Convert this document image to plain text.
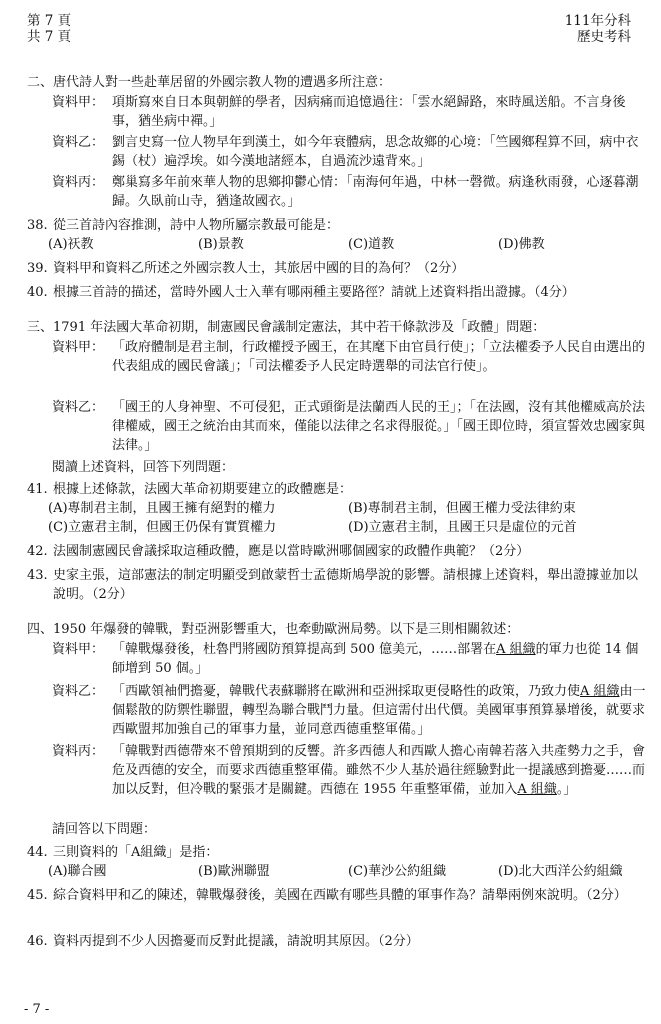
第 7 頁
共 7 頁
111年分科
歷史考科
二、唐代詩人對一些赴華居留的外國宗教人物的遭遇多所注意：
資料甲： 項斯寫來自日本與朝鮮的學者，因病痛而追憶過往：「雲水絕歸路，來時風送船。不言身後事，猶坐病中禪。」
資料乙： 劉言史寫一位人物早年到漢土，如今年衰體病，思念故鄉的心境：「竺國鄉程算不回，病中衣錫（杖）遍浮埃。如今漢地諸經本，自過流沙遠背來。」
資料丙： 鄭巢寫多年前來華人物的思鄉抑鬱心情：「南海何年過，中林一磬微。病逢秋雨發，心逐暮潮歸。久臥前山寺，猶逢故國衣。」
38. 從三首詩內容推測，詩中人物所屬宗教最可能是：
(A)祆教	(B)景教	(C)道教	(D)佛教
39. 資料甲和資料乙所述之外國宗教人士，其旅居中國的目的為何？（2分）
40. 根據三首詩的描述，當時外國人士入華有哪兩種主要路徑？請就上述資料指出證據。（4分）
三、1791 年法國大革命初期，制憲國民會議制定憲法，其中若干條款涉及「政體」問題：
資料甲： 「政府體制是君主制，行政權授予國王，在其麾下由官員行使」；「立法權委予人民自由選出的代表組成的國民會議」；「司法權委予人民定時選舉的司法官行使」。
資料乙： 「國王的人身神聖、不可侵犯，正式頭銜是法蘭西人民的王」；「在法國，沒有其他權威高於法律權威，國王之統治由其而來，僅能以法律之名求得服從。」「國王即位時，須宣誓效忠國家與法律。」
閱讀上述資料，回答下列問題：
41. 根據上述條款，法國大革命初期要建立的政體應是：
(A)專制君主制，且國王擁有絕對的權力	(B)專制君主制，但國王權力受法律約束
(C)立憲君主制，但國王仍保有實質權力	(D)立憲君主制，且國王只是虛位的元首
42. 法國制憲國民會議採取這種政體，應是以當時歐洲哪個國家的政體作典範？（2分）
43. 史家主張，這部憲法的制定明顯受到啟蒙哲士孟德斯鳩學說的影響。請根據上述資料，舉出證據並加以說明。（2分）
四、1950 年爆發的韓戰，對亞洲影響重大，也牽動歐洲局勢。以下是三則相關敘述：
資料甲： 「韓戰爆發後，杜魯門將國防預算提高到 500 億美元，……部署在A 組織的軍力也從 14 個師增到 50 個。」
資料乙： 「西歐領袖們擔憂，韓戰代表蘇聯將在歐洲和亞洲採取更侵略性的政策，乃致力使A 組織由一個鬆散的防禦性聯盟，轉型為聯合戰鬥力量。但這需付出代價。美國軍事預算暴增後，就要求西歐盟邦加強自己的軍事力量，並同意西德重整軍備。」
資料丙： 「韓戰對西德帶來不曾預期到的反響。許多西德人和西歐人擔心南韓若落入共產勢力之手，會危及西德的安全，而要求西德重整軍備。雖然不少人基於過往經驗對此一提議感到擔憂……而加以反對，但冷戰的緊張才是關鍵。西德在 1955 年重整軍備，並加入A 組織。」
請回答以下問題：
44. 三則資料的「A組織」是指：
(A)聯合國	(B)歐洲聯盟	(C)華沙公約組織	(D)北大西洋公約組織
45. 綜合資料甲和乙的陳述，韓戰爆發後，美國在西歐有哪些具體的軍事作為？請舉兩例來說明。（2分）
46. 資料丙提到不少人因擔憂而反對此提議，請說明其原因。（2分）
- 7 -
